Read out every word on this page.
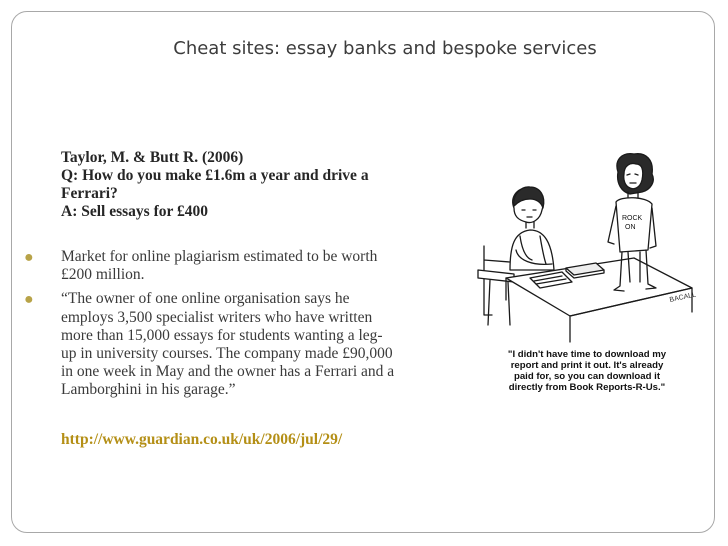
Cheat sites: essay banks and bespoke services
Taylor, M. & Butt R. (2006)
Q: How do you make £1.6m a year and drive a
Ferrari?
A: Sell essays for £400
● Market for online plagiarism estimated to be worth
£200 million.
● “The owner of one online organisation says he
employs 3,500 specialist writers who have written
more than 15,000 essays for students wanting a leg-
up in university courses. The company made £90,000
in one week in May and the owner has a Ferrari and a
Lamborghini in his garage.”
http://www.guardian.co.uk/uk/2006/jul/29/
ROCK
ON
BACALL
"I didn't have time to download my
report and print it out. It's already
paid for, so you can download it
directly from Book Reports-R-Us."
